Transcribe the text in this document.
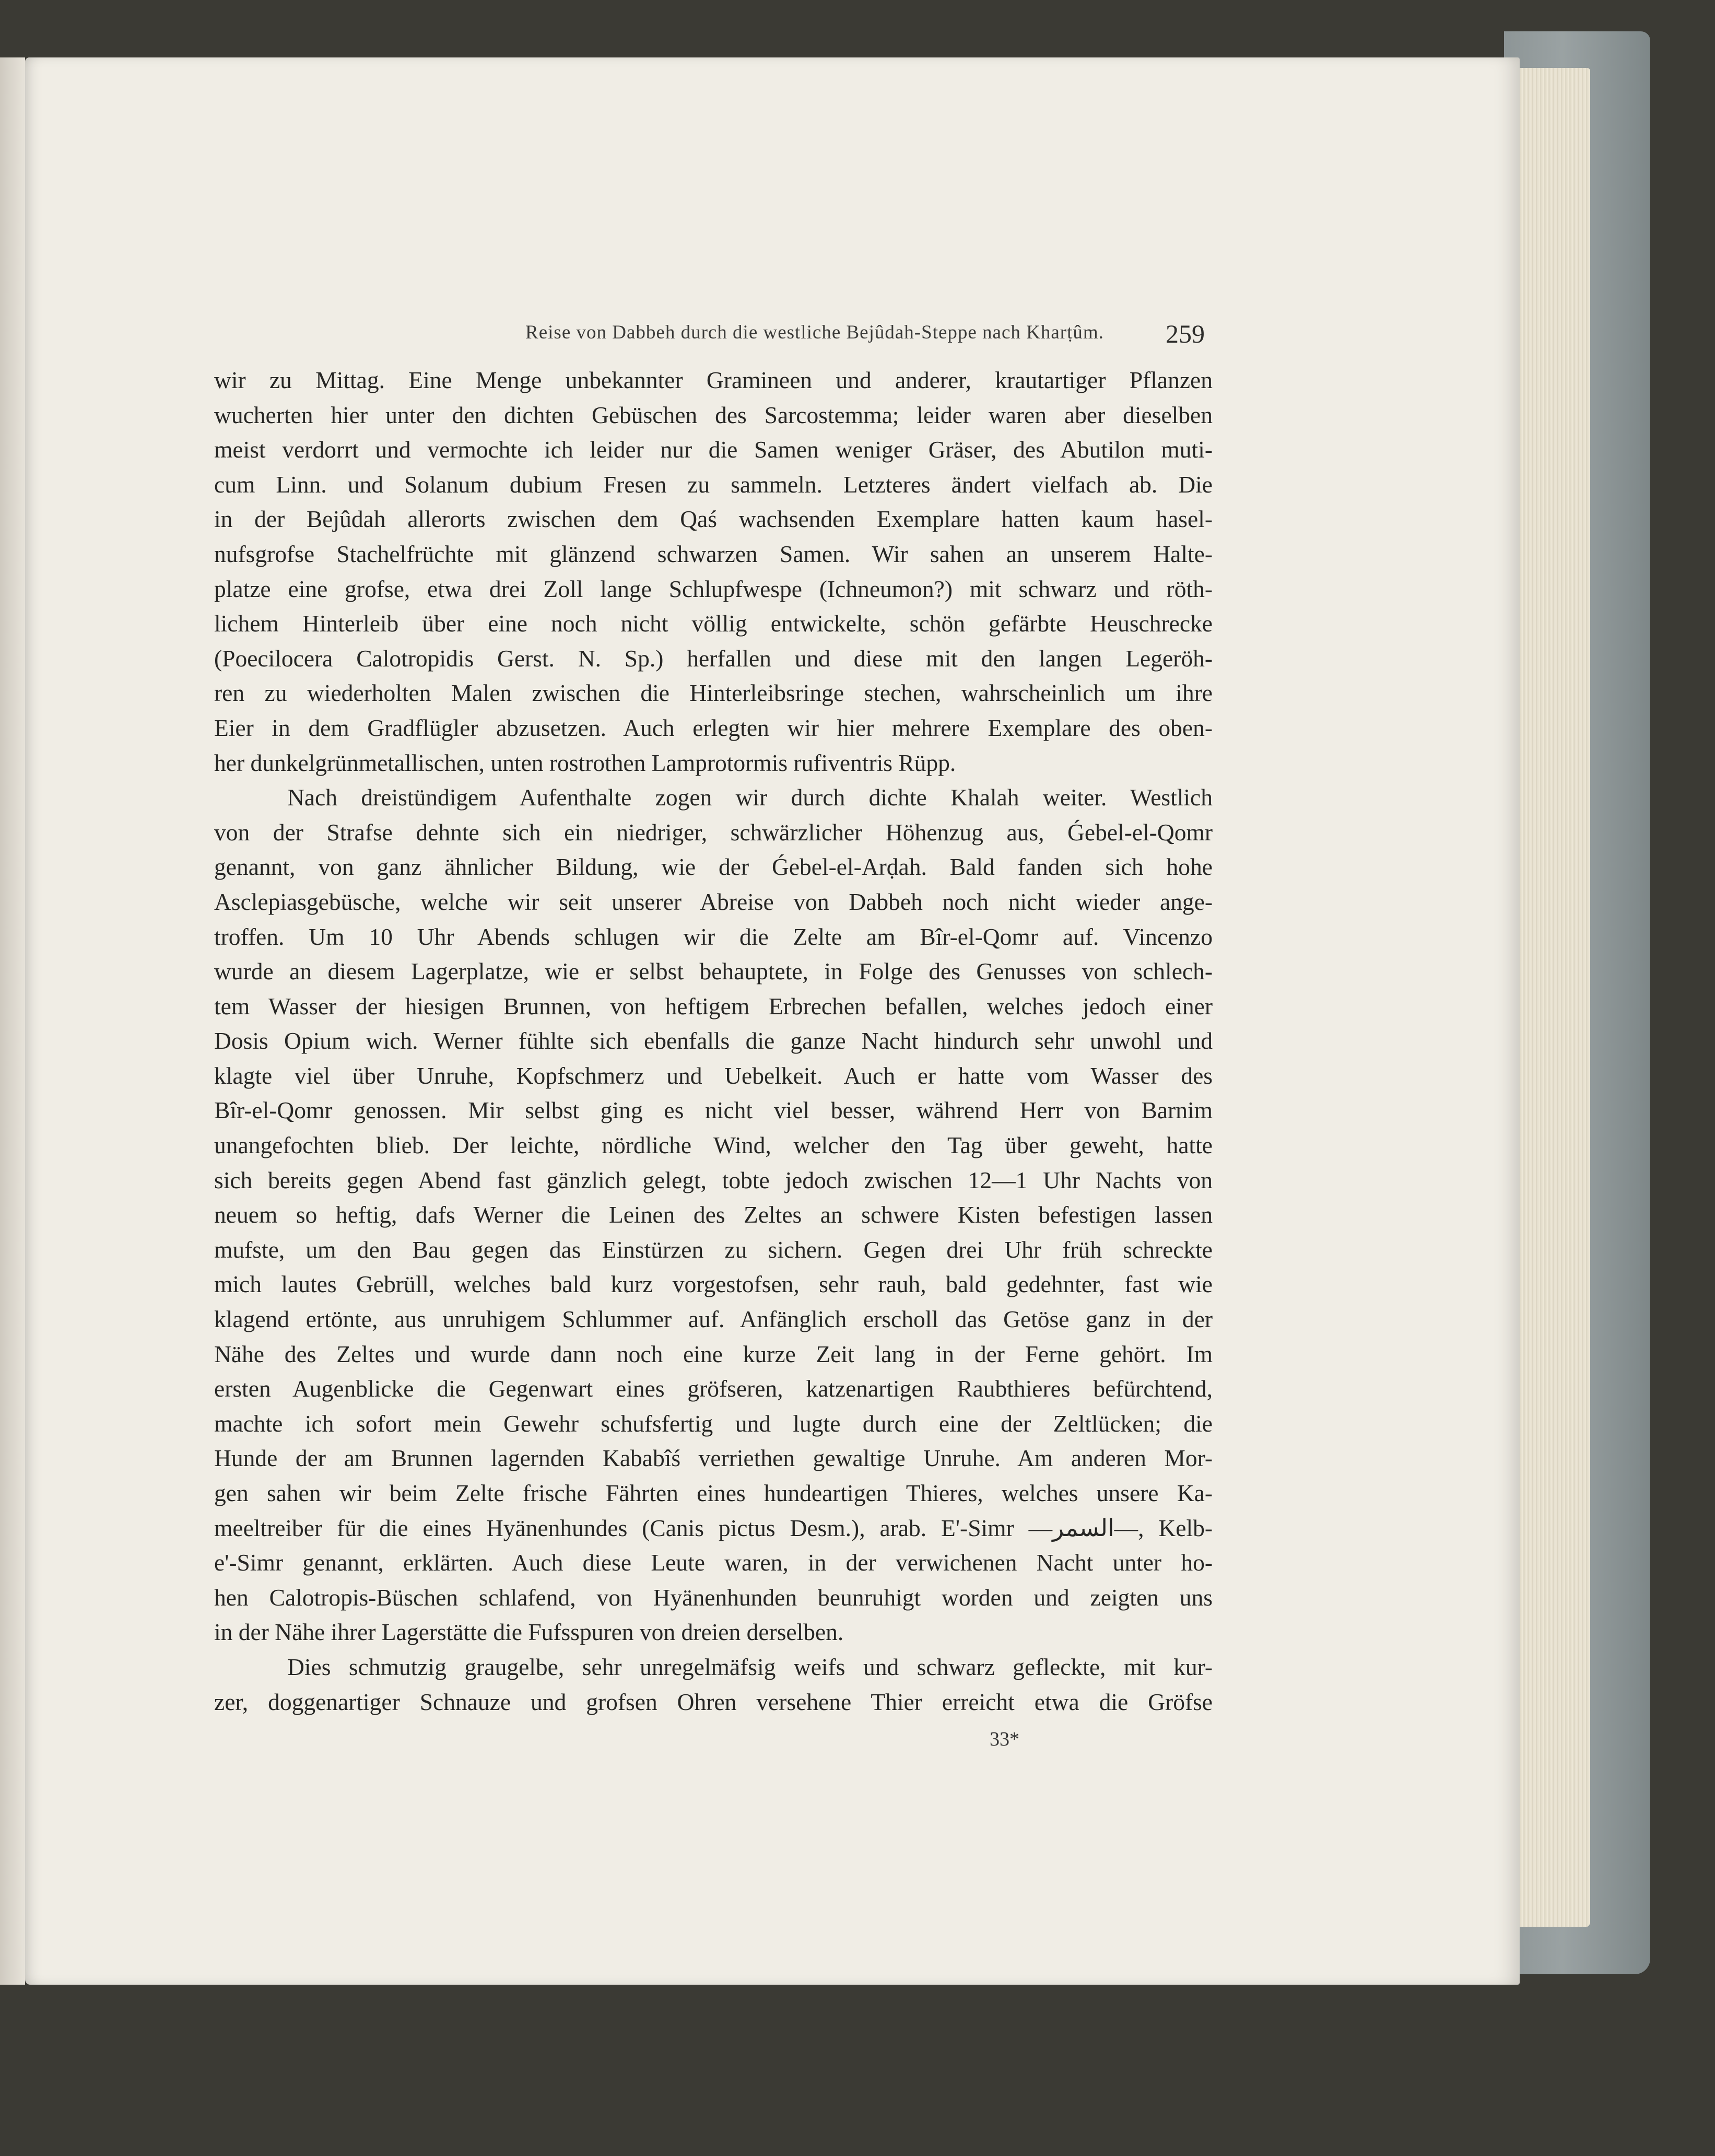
Reise von Dabbeh durch die westliche Bejûdah-Steppe nach Kharṭûm.	259
wir zu Mittag. Eine Menge unbekannter Gramineen und anderer, krautartiger Pflanzen
wucherten hier unter den dichten Gebüschen des Sarcostemma; leider waren aber dieselben
meist verdorrt und vermochte ich leider nur die Samen weniger Gräser, des Abutilon muti-
cum Linn. und Solanum dubium Fresen zu sammeln. Letzteres ändert vielfach ab. Die
in der Bejûdah allerorts zwischen dem Qaś wachsenden Exemplare hatten kaum hasel-
nufsgrofse Stachelfrüchte mit glänzend schwarzen Samen. Wir sahen an unserem Halte-
platze eine grofse, etwa drei Zoll lange Schlupfwespe (Ichneumon?) mit schwarz und röth-
lichem Hinterleib über eine noch nicht völlig entwickelte, schön gefärbte Heuschrecke
(Poecilocera Calotropidis Gerst. N. Sp.) herfallen und diese mit den langen Legeröh-
ren zu wiederholten Malen zwischen die Hinterleibsringe stechen, wahrscheinlich um ihre
Eier in dem Gradflügler abzusetzen. Auch erlegten wir hier mehrere Exemplare des oben-
her dunkelgrünmetallischen, unten rostrothen Lamprotormis rufiventris Rüpp.
Nach dreistündigem Aufenthalte zogen wir durch dichte Khalah weiter. Westlich
von der Strafse dehnte sich ein niedriger, schwärzlicher Höhenzug aus, Ǵebel-el-Qomr
genannt, von ganz ähnlicher Bildung, wie der Ǵebel-el-Arḍah. Bald fanden sich hohe
Asclepiasgebüsche, welche wir seit unserer Abreise von Dabbeh noch nicht wieder ange-
troffen. Um 10 Uhr Abends schlugen wir die Zelte am Bîr-el-Qomr auf. Vincenzo
wurde an diesem Lagerplatze, wie er selbst behauptete, in Folge des Genusses von schlech-
tem Wasser der hiesigen Brunnen, von heftigem Erbrechen befallen, welches jedoch einer
Dosis Opium wich. Werner fühlte sich ebenfalls die ganze Nacht hindurch sehr unwohl und
klagte viel über Unruhe, Kopfschmerz und Uebelkeit. Auch er hatte vom Wasser des
Bîr-el-Qomr genossen. Mir selbst ging es nicht viel besser, während Herr von Barnim
unangefochten blieb. Der leichte, nördliche Wind, welcher den Tag über geweht, hatte
sich bereits gegen Abend fast gänzlich gelegt, tobte jedoch zwischen 12—1 Uhr Nachts von
neuem so heftig, dafs Werner die Leinen des Zeltes an schwere Kisten befestigen lassen
mufste, um den Bau gegen das Einstürzen zu sichern. Gegen drei Uhr früh schreckte
mich lautes Gebrüll, welches bald kurz vorgestofsen, sehr rauh, bald gedehnter, fast wie
klagend ertönte, aus unruhigem Schlummer auf. Anfänglich erscholl das Getöse ganz in der
Nähe des Zeltes und wurde dann noch eine kurze Zeit lang in der Ferne gehört. Im
ersten Augenblicke die Gegenwart eines gröfseren, katzenartigen Raubthieres befürchtend,
machte ich sofort mein Gewehr schufsfertig und lugte durch eine der Zeltlücken; die
Hunde der am Brunnen lagernden Kababîś verriethen gewaltige Unruhe. Am anderen Mor-
gen sahen wir beim Zelte frische Fährten eines hundeartigen Thieres, welches unsere Ka-
meeltreiber für die eines Hyänenhundes (Canis pictus Desm.), arab. E'-Simr —السمر—, Kelb-
e'-Simr genannt, erklärten. Auch diese Leute waren, in der verwichenen Nacht unter ho-
hen Calotropis-Büschen schlafend, von Hyänenhunden beunruhigt worden und zeigten uns
in der Nähe ihrer Lagerstätte die Fufsspuren von dreien derselben.
Dies schmutzig graugelbe, sehr unregelmäfsig weifs und schwarz gefleckte, mit kur-
zer, doggenartiger Schnauze und grofsen Ohren versehene Thier erreicht etwa die Gröfse
33*
